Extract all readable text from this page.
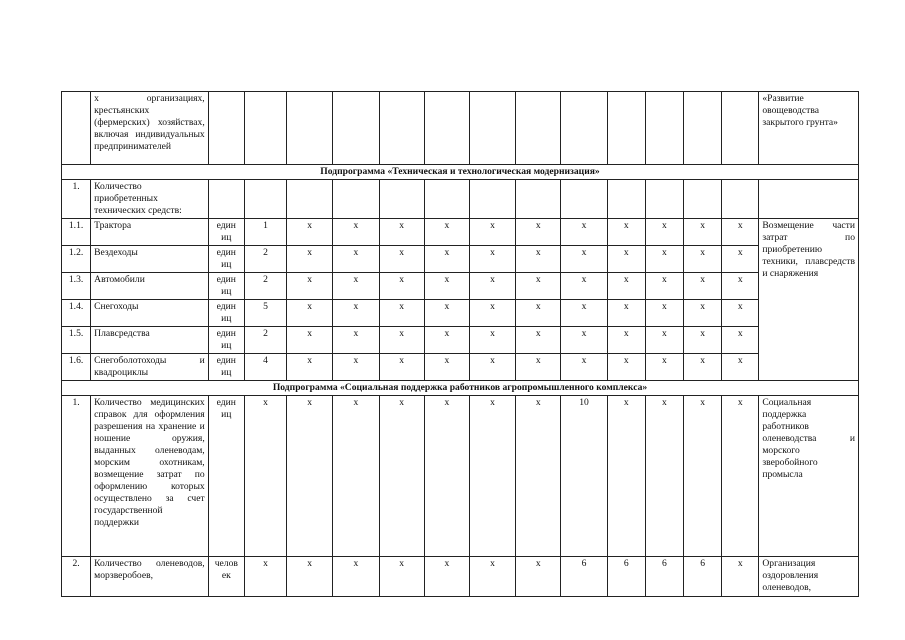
	х организациях, крестьянских (фермерских) хозяйствах, включая индивидуальных предпринимателей														«Развитие овощеводства закрытого грунта»
Подпрограмма «Техническая и технологическая модернизация»															
1.	Количество приобретенных технических средств:														
1.1.	Трактора	един иц	1	х	х	х	х	х	х	х	х	х	х	х	Возмещение части затрат по приобретению техники, плавсредств и снаряжения
1.2.	Вездеходы	един иц	2	х	х	х	х	х	х	х	х	х	х	х	
1.3.	Автомобили	един иц	2	х	х	х	х	х	х	х	х	х	х	х	
1.4.	Снегоходы	един иц	5	х	х	х	х	х	х	х	х	х	х	х	
1.5.	Плавсредства	един иц	2	х	х	х	х	х	х	х	х	х	х	х	
1.6.	Снегоболотоходы и квадроциклы	един иц	4	х	х	х	х	х	х	х	х	х	х	х	
Подпрограмма «Социальная поддержка работников агропромышленного комплекса»															
1.	Количество медицинских справок для оформления разрешения на хранение и ношение оружия, выданных оленеводам, морским охотникам, возмещение затрат по оформлению которых осуществлено за счет государственной поддержки	един иц	х	х	х	х	х	х	х	10	х	х	х	х	Социальная поддержка работников оленеводства и морского зверобойного промысла
2.	Количество оленеводов, морзверобоев,	челов ек	х	х	х	х	х	х	х	6	6	6	6	х	Организация оздоровления оленеводов,
